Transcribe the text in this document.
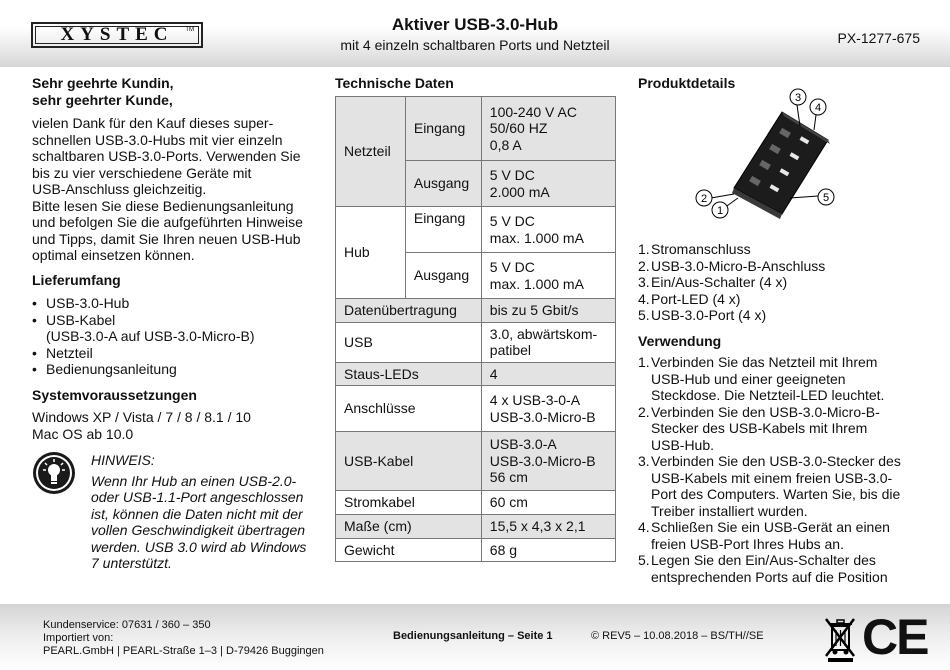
XYSTEC TM	Aktiver USB-3.0-Hub
mit 4 einzeln schaltbaren Ports und Netzteil	PX-1277-675
Sehr geehrte Kundin,
sehr geehrter Kunde,
vielen Dank für den Kauf dieses super-
schnellen USB-3.0-Hubs mit vier einzeln
schaltbaren USB-3.0-Ports. Verwenden Sie
bis zu vier verschiedene Geräte mit
USB-Anschluss gleichzeitig.
Bitte lesen Sie diese Bedienungsanleitung
und befolgen Sie die aufgeführten Hinweise
und Tipps, damit Sie Ihren neuen USB-Hub
optimal einsetzen können.
Lieferumfang
• USB-3.0-Hub
• USB-Kabel
(USB-3.0-A auf USB-3.0-Micro-B)
• Netzteil
• Bedienungsanleitung
Systemvoraussetzungen
Windows XP / Vista / 7 / 8 / 8.1 / 10
Mac OS ab 10.0
HINWEIS:
Wenn Ihr Hub an einen USB-2.0-
oder USB-1.1-Port angeschlossen
ist, können die Daten nicht mit der
vollen Geschwindigkeit übertragen
werden. USB 3.0 wird ab Windows
7 unterstützt.
Technische Daten
Netzteil	Eingang	100-240 V AC
50/60 HZ
0,8 A

	Ausgang	5 V DC
2.000 mA

Hub	Eingang	5 V DC
max. 1.000 mA

	Ausgang	5 V DC
max. 1.000 mA

Datenübertragung		bis zu 5 Gbit/s
USB		3.0, abwärtskom-
patibel

Staus-LEDs		4
Anschlüsse		4 x USB-3-0-A
USB-3.0-Micro-B

USB-Kabel		USB-3.0-A
USB-3.0-Micro-B
56 cm

Stromkabel		60 cm
Maße (cm)		15,5 x 4,3 x 2,1
Gewicht		68 g
Produktdetails
3
4
2
1
5
1. Stromanschluss
2. USB-3.0-Micro-B-Anschluss
3. Ein/Aus-Schalter (4 x)
4. Port-LED (4 x)
5. USB-3.0-Port (4 x)
Verwendung
1. Verbinden Sie das Netzteil mit Ihrem
USB-Hub und einer geeigneten
Steckdose. Die Netzteil-LED leuchtet.
2. Verbinden Sie den USB-3.0-Micro-B-
Stecker des USB-Kabels mit Ihrem
USB-Hub.
3. Verbinden Sie den USB-3.0-Stecker des
USB-Kabels mit einem freien USB-3.0-
Port des Computers. Warten Sie, bis die
Treiber installiert wurden.
4. Schließen Sie ein USB-Gerät an einen
freien USB-Port Ihres Hubs an.
5. Legen Sie den Ein/Aus-Schalter des
entsprechenden Ports auf die Position
Kundenservice: 07631 / 360 – 350
Importiert von:
PEARL.GmbH | PEARL-Straße 1–3 | D-79426 Buggingen
Bedienungsanleitung – Seite 1	© REV5 – 10.08.2018 – BS/TH//SE CE
